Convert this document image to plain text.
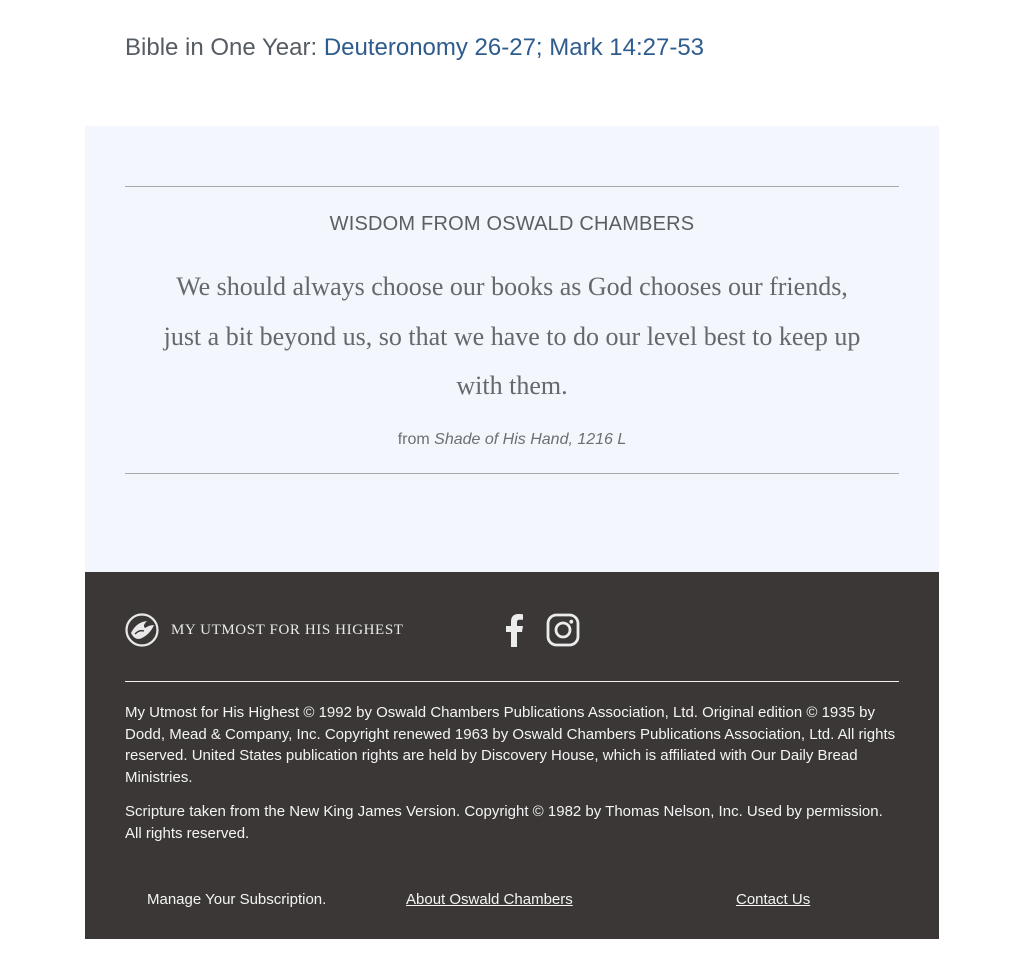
Bible in One Year: Deuteronomy 26-27; Mark 14:27-53
WISDOM FROM OSWALD CHAMBERS

We should always choose our books as God chooses our friends, just a bit beyond us, so that we have to do our level best to keep up with them.

from Shade of His Hand, 1216 L
MY UTMOST FOR HIS HIGHEST

My Utmost for His Highest © 1992 by Oswald Chambers Publications Association, Ltd. Original edition © 1935 by Dodd, Mead & Company, Inc. Copyright renewed 1963 by Oswald Chambers Publications Association, Ltd. All rights reserved. United States publication rights are held by Discovery House, which is affiliated with Our Daily Bread Ministries.

Scripture taken from the New King James Version. Copyright © 1982 by Thomas Nelson, Inc. Used by permission. All rights reserved.

Manage Your Subscription.	About Oswald Chambers	Contact Us
